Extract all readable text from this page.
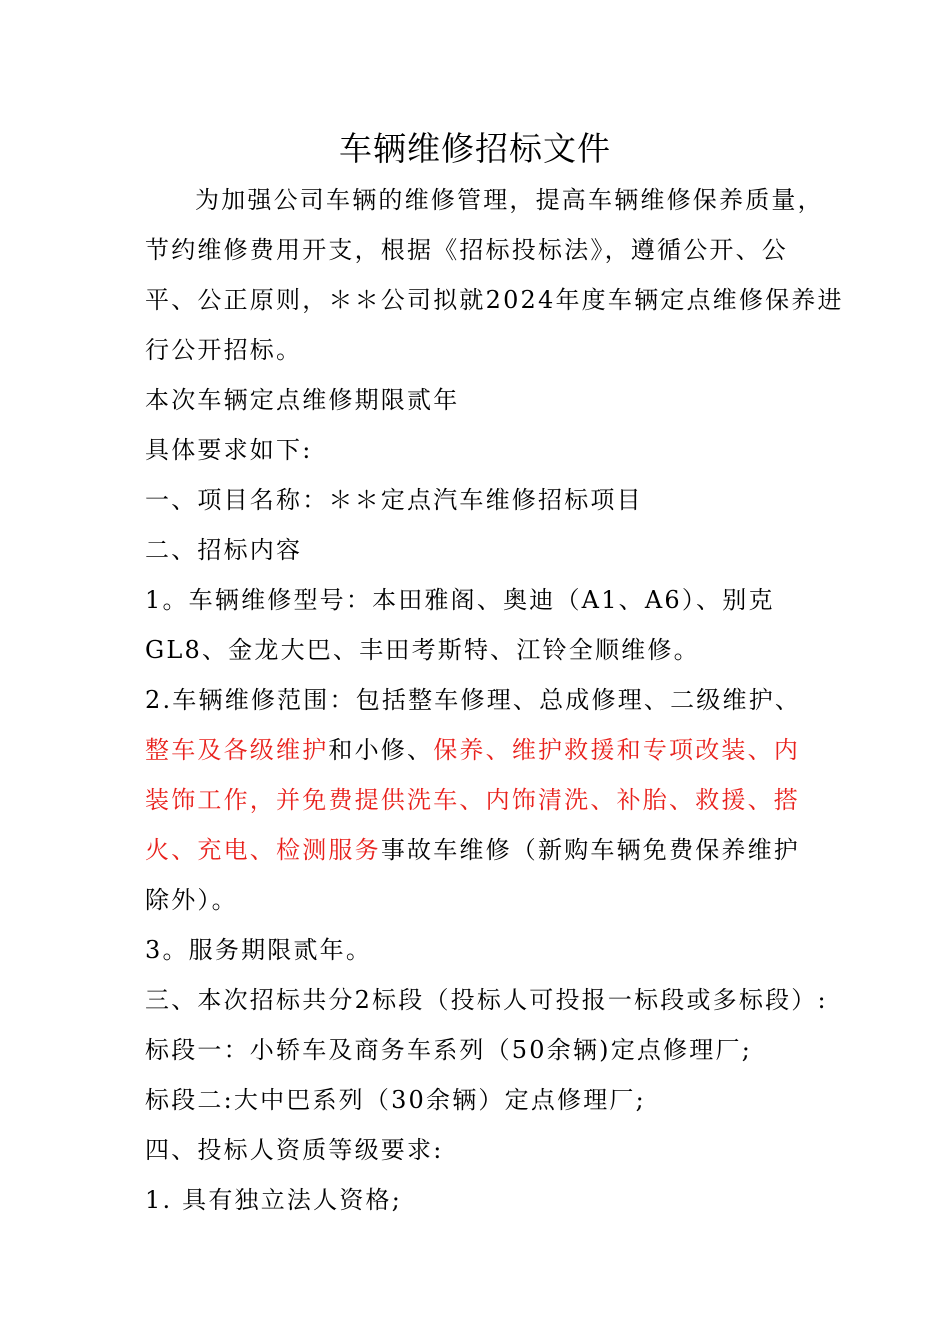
车辆维修招标文件
为加强公司车辆的维修管理，提高车辆维修保养质量，
节约维修费用开支，根据《招标投标法》，遵循公开、公
平、公正原则，＊＊公司拟就2024年度车辆定点维修保养进
行公开招标。
本次车辆定点维修期限贰年
具体要求如下:
一、项目名称：＊＊定点汽车维修招标项目
二、招标内容
1。车辆维修型号：本田雅阁、奥迪（A1、A6）、别克
GL8、金龙大巴、丰田考斯特、江铃全顺维修。
2.车辆维修范围：包括整车修理、总成修理、二级维护、
整车及各级维护和小修、保养、维护救援和专项改装、内
装饰工作，并免费提供洗车、内饰清洗、补胎、救援、搭
火、充电、检测服务事故车维修（新购车辆免费保养维护
除外）。
3。服务期限贰年。
三、本次招标共分2标段（投标人可投报一标段或多标段）:
标段一：小轿车及商务车系列（50余辆)定点修理厂;
标段二:大中巴系列（30余辆）定点修理厂;
四、投标人资质等级要求:
1. 具有独立法人资格;
